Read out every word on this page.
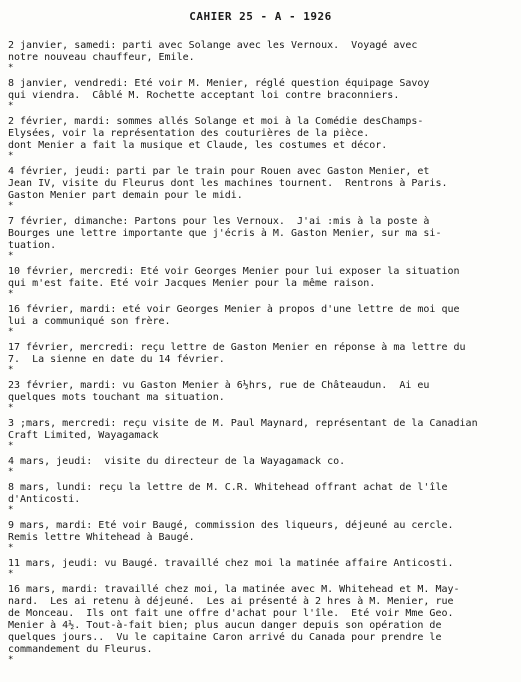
CAHIER 25 - A - 1926
2 janvier, samedi: parti avec Solange avec les Vernoux.  Voyagé avec
notre nouveau chauffeur, Emile.
*
8 janvier, vendredi: Eté voir M. Menier, réglé question équipage Savoy
qui viendra.  Câblé M. Rochette acceptant loi contre braconniers.
*
2 février, mardi: sommes allés Solange et moi à la Comédie desChamps-
Elysées, voir la représentation des couturières de la pièce.
dont Menier a fait la musique et Claude, les costumes et décor.
*
4 février, jeudi: parti par le train pour Rouen avec Gaston Menier, et
Jean IV, visite du Fleurus dont les machines tournent.  Rentrons à Paris.
Gaston Menier part demain pour le midi.
*
7 février, dimanche: Partons pour les Vernoux.  J'ai :mis à la poste à
Bourges une lettre importante que j'écris à M. Gaston Menier, sur ma si-
tuation.
*
10 février, mercredi: Eté voir Georges Menier pour lui exposer la situation
qui m'est faite. Eté voir Jacques Menier pour la même raison.
*
16 février, mardi: eté voir Georges Menier à propos d'une lettre de moi que
lui a communiqué son frère.
*
17 février, mercredi: reçu lettre de Gaston Menier en réponse à ma lettre du
7.  La sienne en date du 14 février.
*
23 février, mardi: vu Gaston Menier à 6½hrs, rue de Châteaudun.  Ai eu
quelques mots touchant ma situation.
*
3 ;mars, mercredi: reçu visite de M. Paul Maynard, représentant de la Canadian
Craft Limited, Wayagamack
*
4 mars, jeudi:  visite du directeur de la Wayagamack co.
*
8 mars, lundi: reçu la lettre de M. C.R. Whitehead offrant achat de l'île
d'Anticosti.
*
9 mars, mardi: Eté voir Baugé, commission des liqueurs, déjeuné au cercle.
Remis lettre Whitehead à Baugé.
*
11 mars, jeudi: vu Baugé. travaillé chez moi la matinée affaire Anticosti.
*
16 mars, mardi: travaillé chez moi, la matinée avec M. Whitehead et M. May-
nard.  Les ai retenu à déjeuné.  Les ai présenté à 2 hres à M. Menier, rue
de Monceau.  Ils ont fait une offre d'achat pour l'île.  Eté voir Mme Geo.
Menier à 4½. Tout-à-fait bien; plus aucun danger depuis son opération de
quelques jours..  Vu le capitaine Caron arrivé du Canada pour prendre le
commandement du Fleurus.
*
